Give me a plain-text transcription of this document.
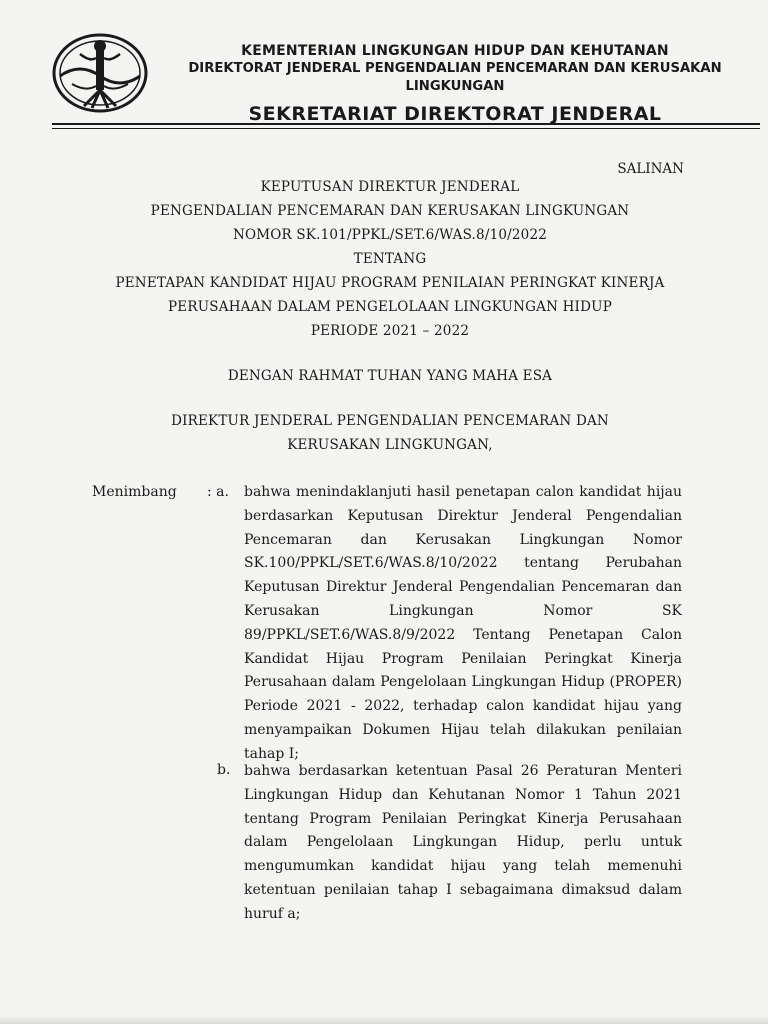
KEMENTERIAN LINGKUNGAN HIDUP DAN KEHUTANAN
DIREKTORAT JENDERAL PENGENDALIAN PENCEMARAN DAN KERUSAKAN LINGKUNGAN
SEKRETARIAT DIREKTORAT JENDERAL
SALINAN
KEPUTUSAN DIREKTUR JENDERAL
PENGENDALIAN PENCEMARAN DAN KERUSAKAN LINGKUNGAN
NOMOR SK.101/PPKL/SET.6/WAS.8/10/2022
TENTANG
PENETAPAN KANDIDAT HIJAU PROGRAM PENILAIAN PERINGKAT KINERJA
PERUSAHAAN DALAM PENGELOLAAN LINGKUNGAN HIDUP
PERIODE 2021 – 2022
DENGAN RAHMAT TUHAN YANG MAHA ESA
DIREKTUR JENDERAL PENGENDALIAN PENCEMARAN DAN
KERUSAKAN LINGKUNGAN,
Menimbang : a. bahwa menindaklanjuti hasil penetapan calon kandidat hijau berdasarkan Keputusan Direktur Jenderal Pengendalian Pencemaran dan Kerusakan Lingkungan Nomor SK.100/PPKL/SET.6/WAS.8/10/2022 tentang Perubahan Keputusan Direktur Jenderal Pengendalian Pencemaran dan Kerusakan Lingkungan Nomor SK 89/PPKL/SET.6/WAS.8/9/2022 Tentang Penetapan Calon Kandidat Hijau Program Penilaian Peringkat Kinerja Perusahaan dalam Pengelolaan Lingkungan Hidup (PROPER) Periode 2021 - 2022, terhadap calon kandidat hijau yang menyampaikan Dokumen Hijau telah dilakukan penilaian tahap I;

b. bahwa berdasarkan ketentuan Pasal 26 Peraturan Menteri Lingkungan Hidup dan Kehutanan Nomor 1 Tahun 2021 tentang Program Penilaian Peringkat Kinerja Perusahaan dalam Pengelolaan Lingkungan Hidup, perlu untuk mengumumkan kandidat hijau yang telah memenuhi ketentuan penilaian tahap I sebagaimana dimaksud dalam huruf a;
